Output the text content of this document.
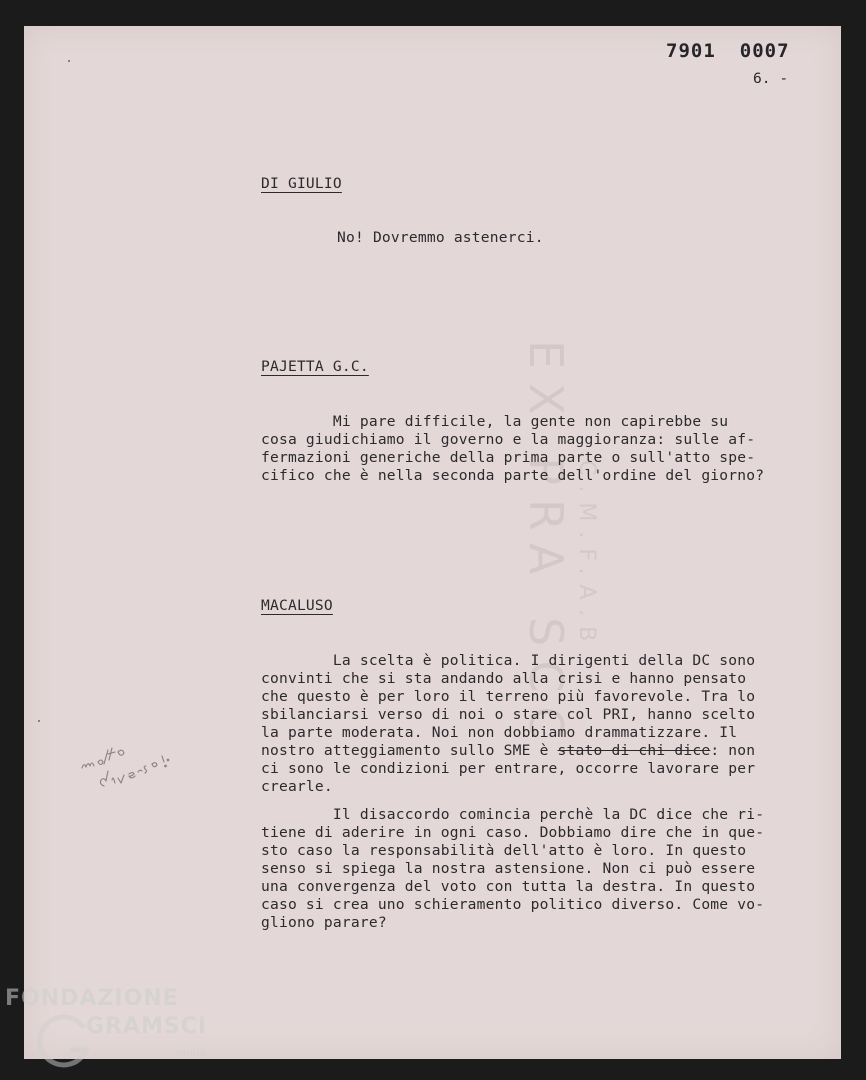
EX PRA SCC C.M.F.A.B
7901 0007
6. -
DI GIULIO
No! Dovremmo astenerci.
PAJETTA G.C.
Mi pare difficile, la gente non capirebbe su
cosa giudichiamo il governo e la maggioranza: sulle af-
fermazioni generiche della prima parte o sull'atto spe-
cifico che è nella seconda parte dell'ordine del giorno?
MACALUSO
La scelta è politica. I dirigenti della DC sono
convinti che si sta andando alla crisi e hanno pensato
che questo è per loro il terreno più favorevole. Tra lo
sbilanciarsi verso di noi o stare col PRI, hanno scelto
la parte moderata. Noi non dobbiamo drammatizzare. Il
nostro atteggiamento sullo SME è stato di chi dice: non
ci sono le condizioni per entrare, occorre lavorare per
crearle.
Il disaccordo comincia perchè la DC dice che ri-
tiene di aderire in ogni caso. Dobbiamo dire che in que-
sto caso la responsabilità dell'atto è loro. In questo
senso si spiega la nostra astensione. Non ci può essere
una convergenza del voto con tutta la destra. In questo
caso si crea uno schieramento politico diverso. Come vo-
gliono parare?
FONDAZIONE
GRAMSCI
onlus
